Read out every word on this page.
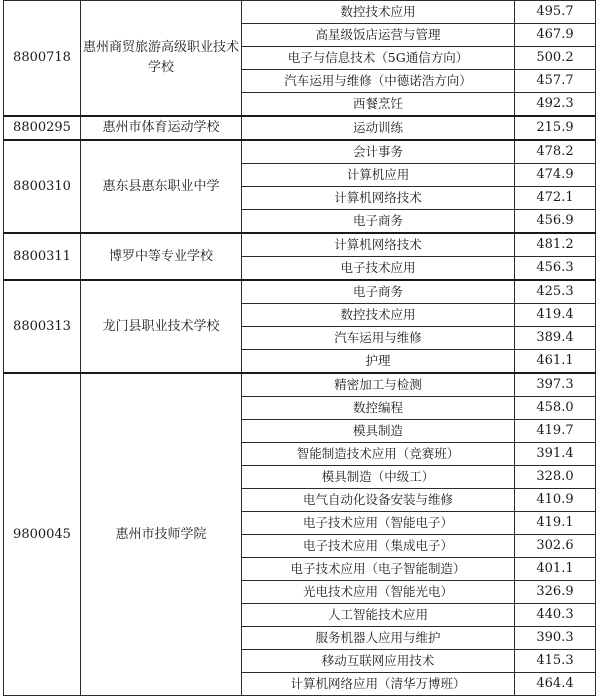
8800718	惠州商贸旅游高级职业技术学校	数控技术应用	495.7
		高星级饭店运营与管理	467.9
		电子与信息技术（5G通信方向）	500.2
		汽车运用与维修（中德诺浩方向）	457.7
		西餐烹饪	492.3
8800295	惠州市体育运动学校	运动训练	215.9
8800310	惠东县惠东职业中学	会计事务	478.2
		计算机应用	474.9
		计算机网络技术	472.1
		电子商务	456.9
8800311	博罗中等专业学校	计算机网络技术	481.2
		电子技术应用	456.3
8800313	龙门县职业技术学校	电子商务	425.3
		数控技术应用	419.4
		汽车运用与维修	389.4
		护理	461.1
9800045	惠州市技师学院	精密加工与检测	397.3
		数控编程	458.0
		模具制造	419.7
		智能制造技术应用（竞赛班）	391.4
		模具制造（中级工）	328.0
		电气自动化设备安装与维修	410.9
		电子技术应用（智能电子）	419.1
		电子技术应用（集成电子）	302.6
		电子技术应用（电子智能制造）	401.1
		光电技术应用（智能光电）	326.9
		人工智能技术应用	440.3
		服务机器人应用与维护	390.3
		移动互联网应用技术	415.3
		计算机网络应用（清华万博班）	464.4
